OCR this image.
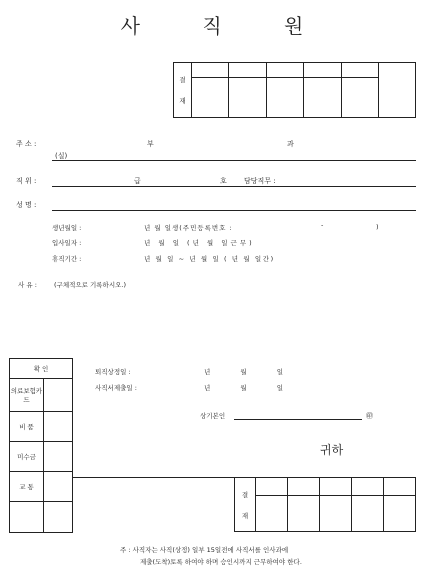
사	직	원
결
재						

주 소 :	부	과
(실)
직 위 :	급	호 담당직무 :
성 명 :
생년월일 :	년 월 일생(주민등록번호 :	-	)
입사일자 :	년 월 일 (년 월 일근무)
휴직기간 :	년 월 일 ~ 년 월 일 ( 년 월 일간)
사 유 :	(구체적으로 기록하시오.)
확 인	
의료보험카드	
비 품	
미수금	
교 통	

퇴직상정일 :	년 월 일
사직서제출일 :	년 월 일
상기본인	㊞
귀하
결
재					

주 : 사직자는 사직(상정) 일부 15일전에 사직서를 인사과에
제출(도착)토록 하여야 하며 승인시까지 근무하여야 한다.
